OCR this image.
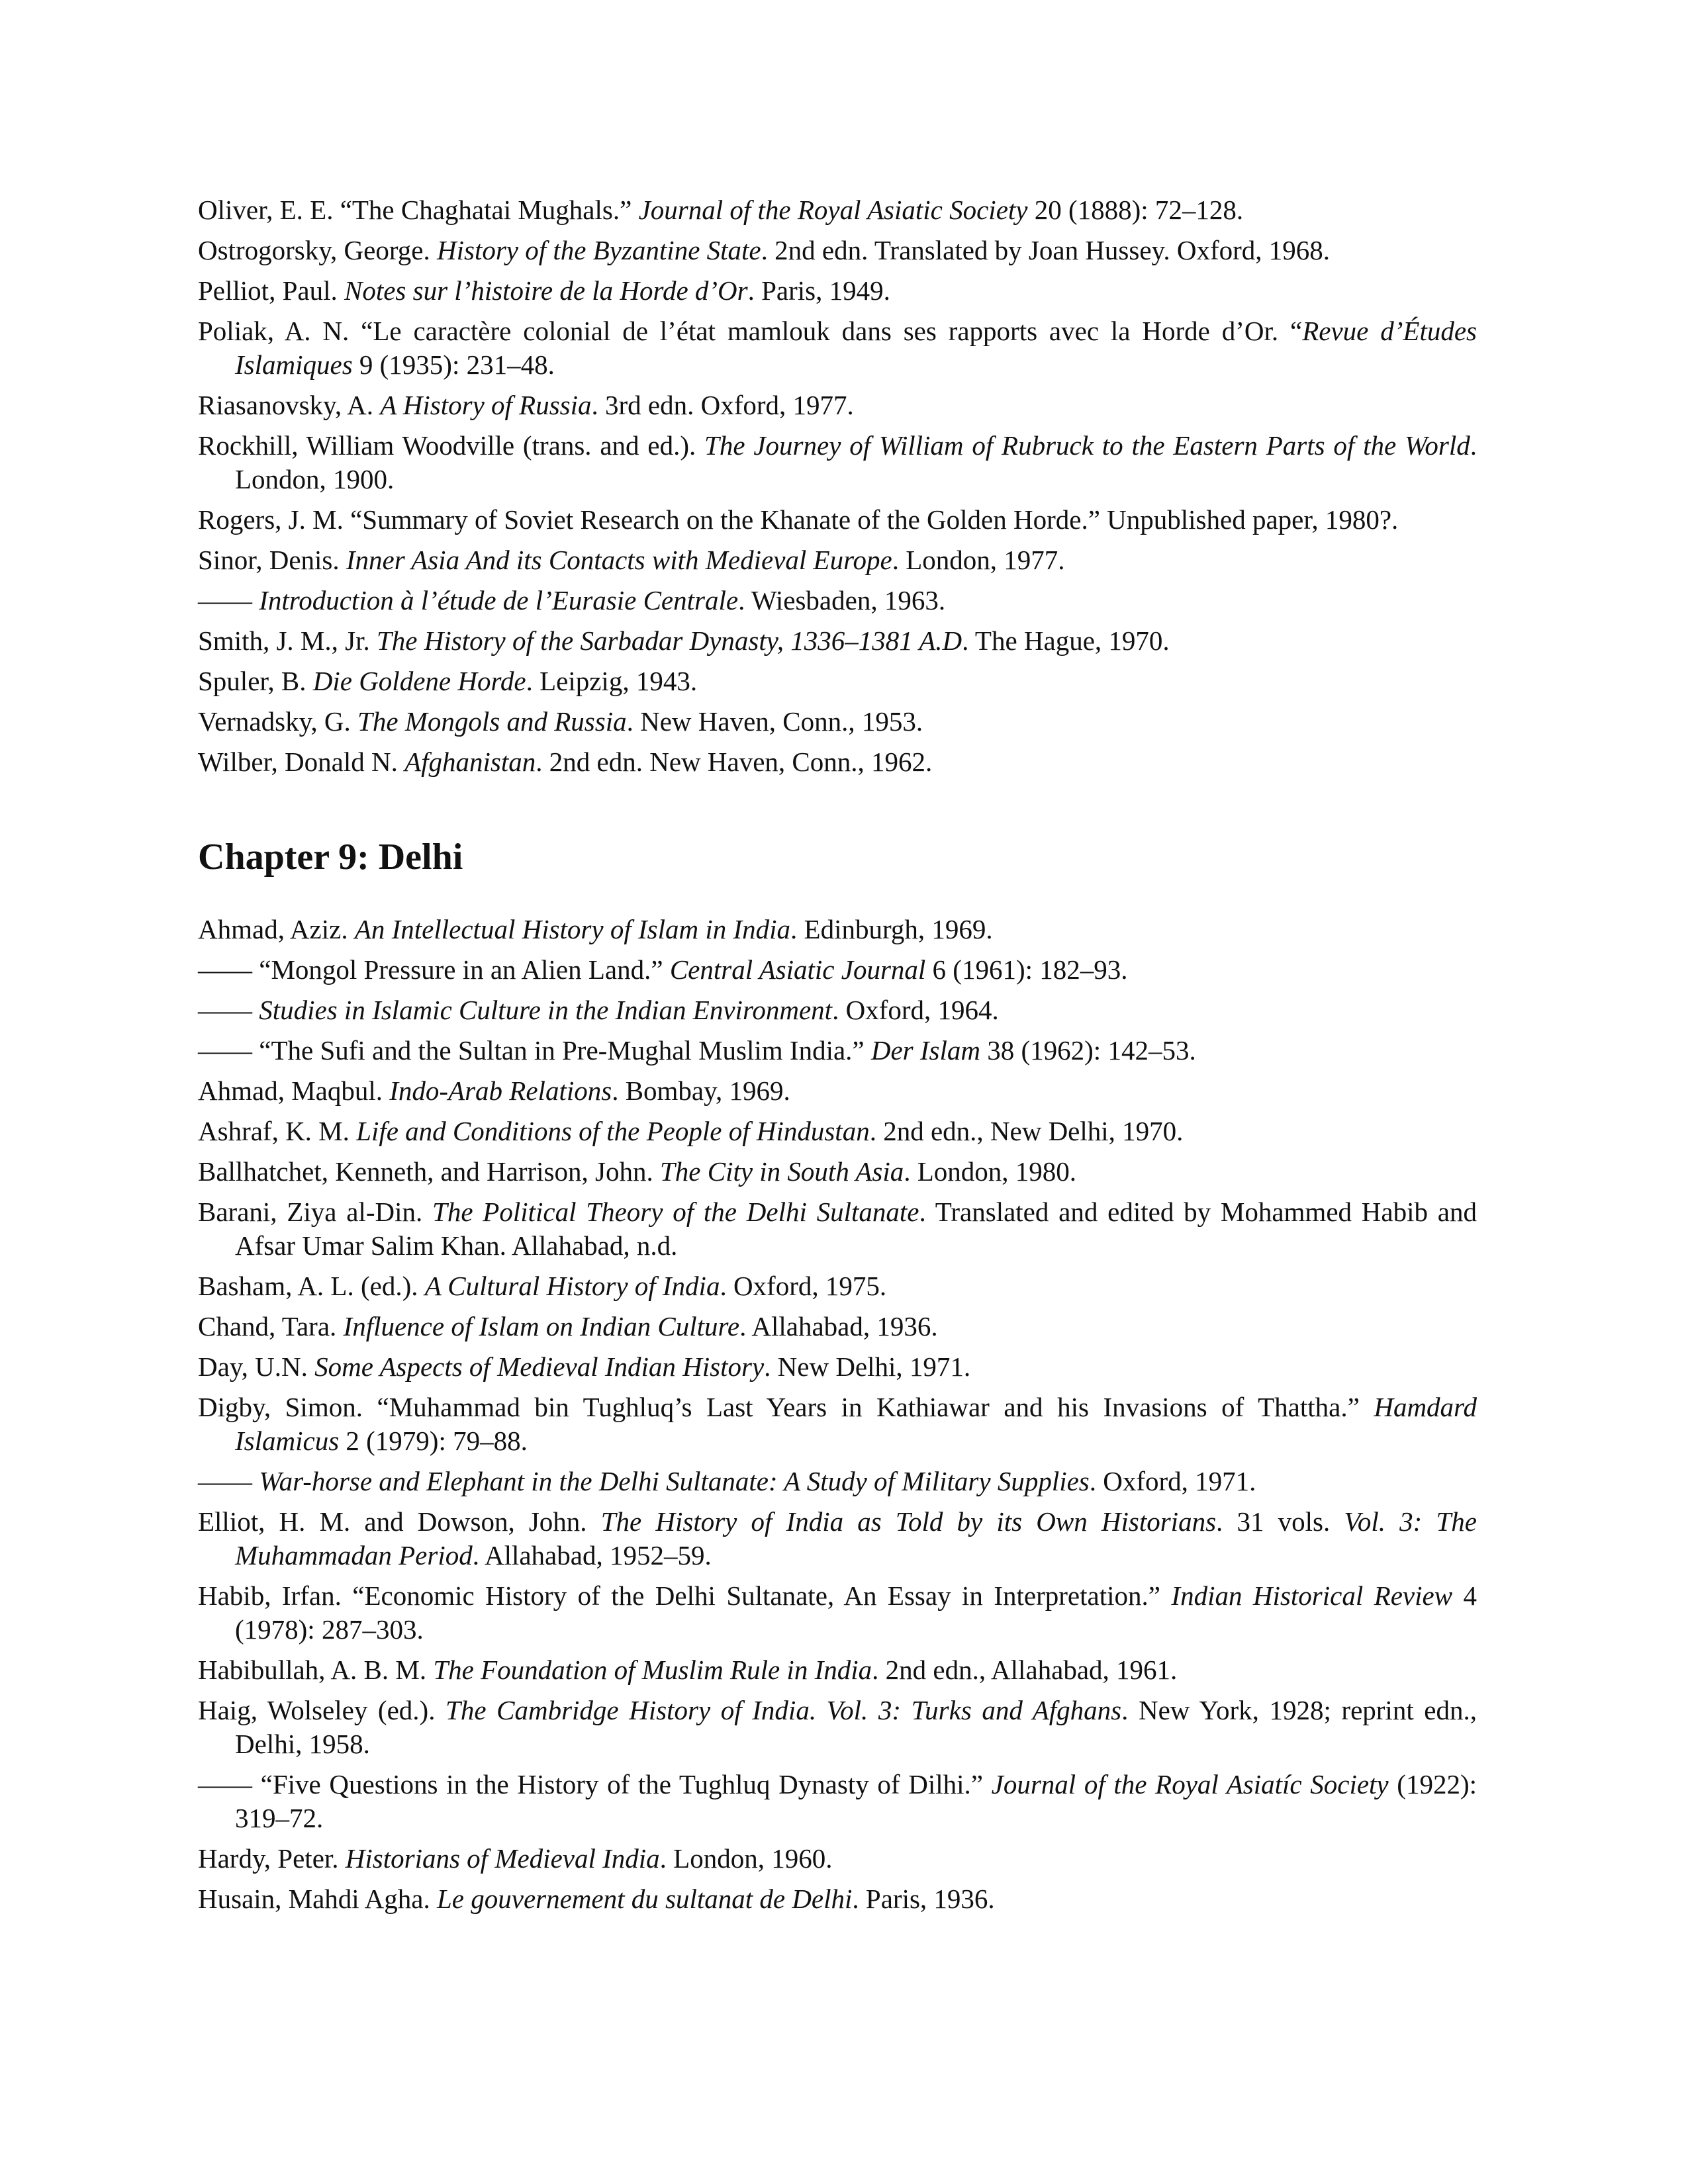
Oliver, E. E. “The Chaghatai Mughals.” Journal of the Royal Asiatic Society 20 (1888): 72–128.

Ostrogorsky, George. History of the Byzantine State. 2nd edn. Translated by Joan Hussey. Oxford, 1968.

Pelliot, Paul. Notes sur l’histoire de la Horde d’Or. Paris, 1949.

Poliak, A. N. “Le caractère colonial de l’état mamlouk dans ses rapports avec la Horde d’Or. “Revue d’Études Islamiques 9 (1935): 231–48.

Riasanovsky, A. A History of Russia. 3rd edn. Oxford, 1977.

Rockhill, William Woodville (trans. and ed.). The Journey of William of Rubruck to the Eastern Parts of the World. London, 1900.

Rogers, J. M. “Summary of Soviet Research on the Khanate of the Golden Horde.” Unpublished paper, 1980?.

Sinor, Denis. Inner Asia And its Contacts with Medieval Europe. London, 1977.

—— Introduction à l’étude de l’Eurasie Centrale. Wiesbaden, 1963.

Smith, J. M., Jr. The History of the Sarbadar Dynasty, 1336–1381 A.D. The Hague, 1970.

Spuler, B. Die Goldene Horde. Leipzig, 1943.

Vernadsky, G. The Mongols and Russia. New Haven, Conn., 1953.

Wilber, Donald N. Afghanistan. 2nd edn. New Haven, Conn., 1962.

Chapter 9: Delhi

Ahmad, Aziz. An Intellectual History of Islam in India. Edinburgh, 1969.

—— “Mongol Pressure in an Alien Land.” Central Asiatic Journal 6 (1961): 182–93.

—— Studies in Islamic Culture in the Indian Environment. Oxford, 1964.

—— “The Sufi and the Sultan in Pre-Mughal Muslim India.” Der Islam 38 (1962): 142–53.

Ahmad, Maqbul. Indo-Arab Relations. Bombay, 1969.

Ashraf, K. M. Life and Conditions of the People of Hindustan. 2nd edn., New Delhi, 1970.

Ballhatchet, Kenneth, and Harrison, John. The City in South Asia. London, 1980.

Barani, Ziya al-Din. The Political Theory of the Delhi Sultanate. Translated and edited by Mohammed Habib and Afsar Umar Salim Khan. Allahabad, n.d.

Basham, A. L. (ed.). A Cultural History of India. Oxford, 1975.

Chand, Tara. Influence of Islam on Indian Culture. Allahabad, 1936.

Day, U.N. Some Aspects of Medieval Indian History. New Delhi, 1971.

Digby, Simon. “Muhammad bin Tughluq’s Last Years in Kathiawar and his Invasions of Thattha.” Hamdard Islamicus 2 (1979): 79–88.

—— War-horse and Elephant in the Delhi Sultanate: A Study of Military Supplies. Oxford, 1971.

Elliot, H. M. and Dowson, John. The History of India as Told by its Own Historians. 31 vols. Vol. 3: The Muhammadan Period. Allahabad, 1952–59.

Habib, Irfan. “Economic History of the Delhi Sultanate, An Essay in Interpretation.” Indian Historical Review 4 (1978): 287–303.

Habibullah, A. B. M. The Foundation of Muslim Rule in India. 2nd edn., Allahabad, 1961.

Haig, Wolseley (ed.). The Cambridge History of India. Vol. 3: Turks and Afghans. New York, 1928; reprint edn., Delhi, 1958.

—— “Five Questions in the History of the Tughluq Dynasty of Dilhi.” Journal of the Royal Asiatíc Society (1922): 319–72.

Hardy, Peter. Historians of Medieval India. London, 1960.

Husain, Mahdi Agha. Le gouvernement du sultanat de Delhi. Paris, 1936.
